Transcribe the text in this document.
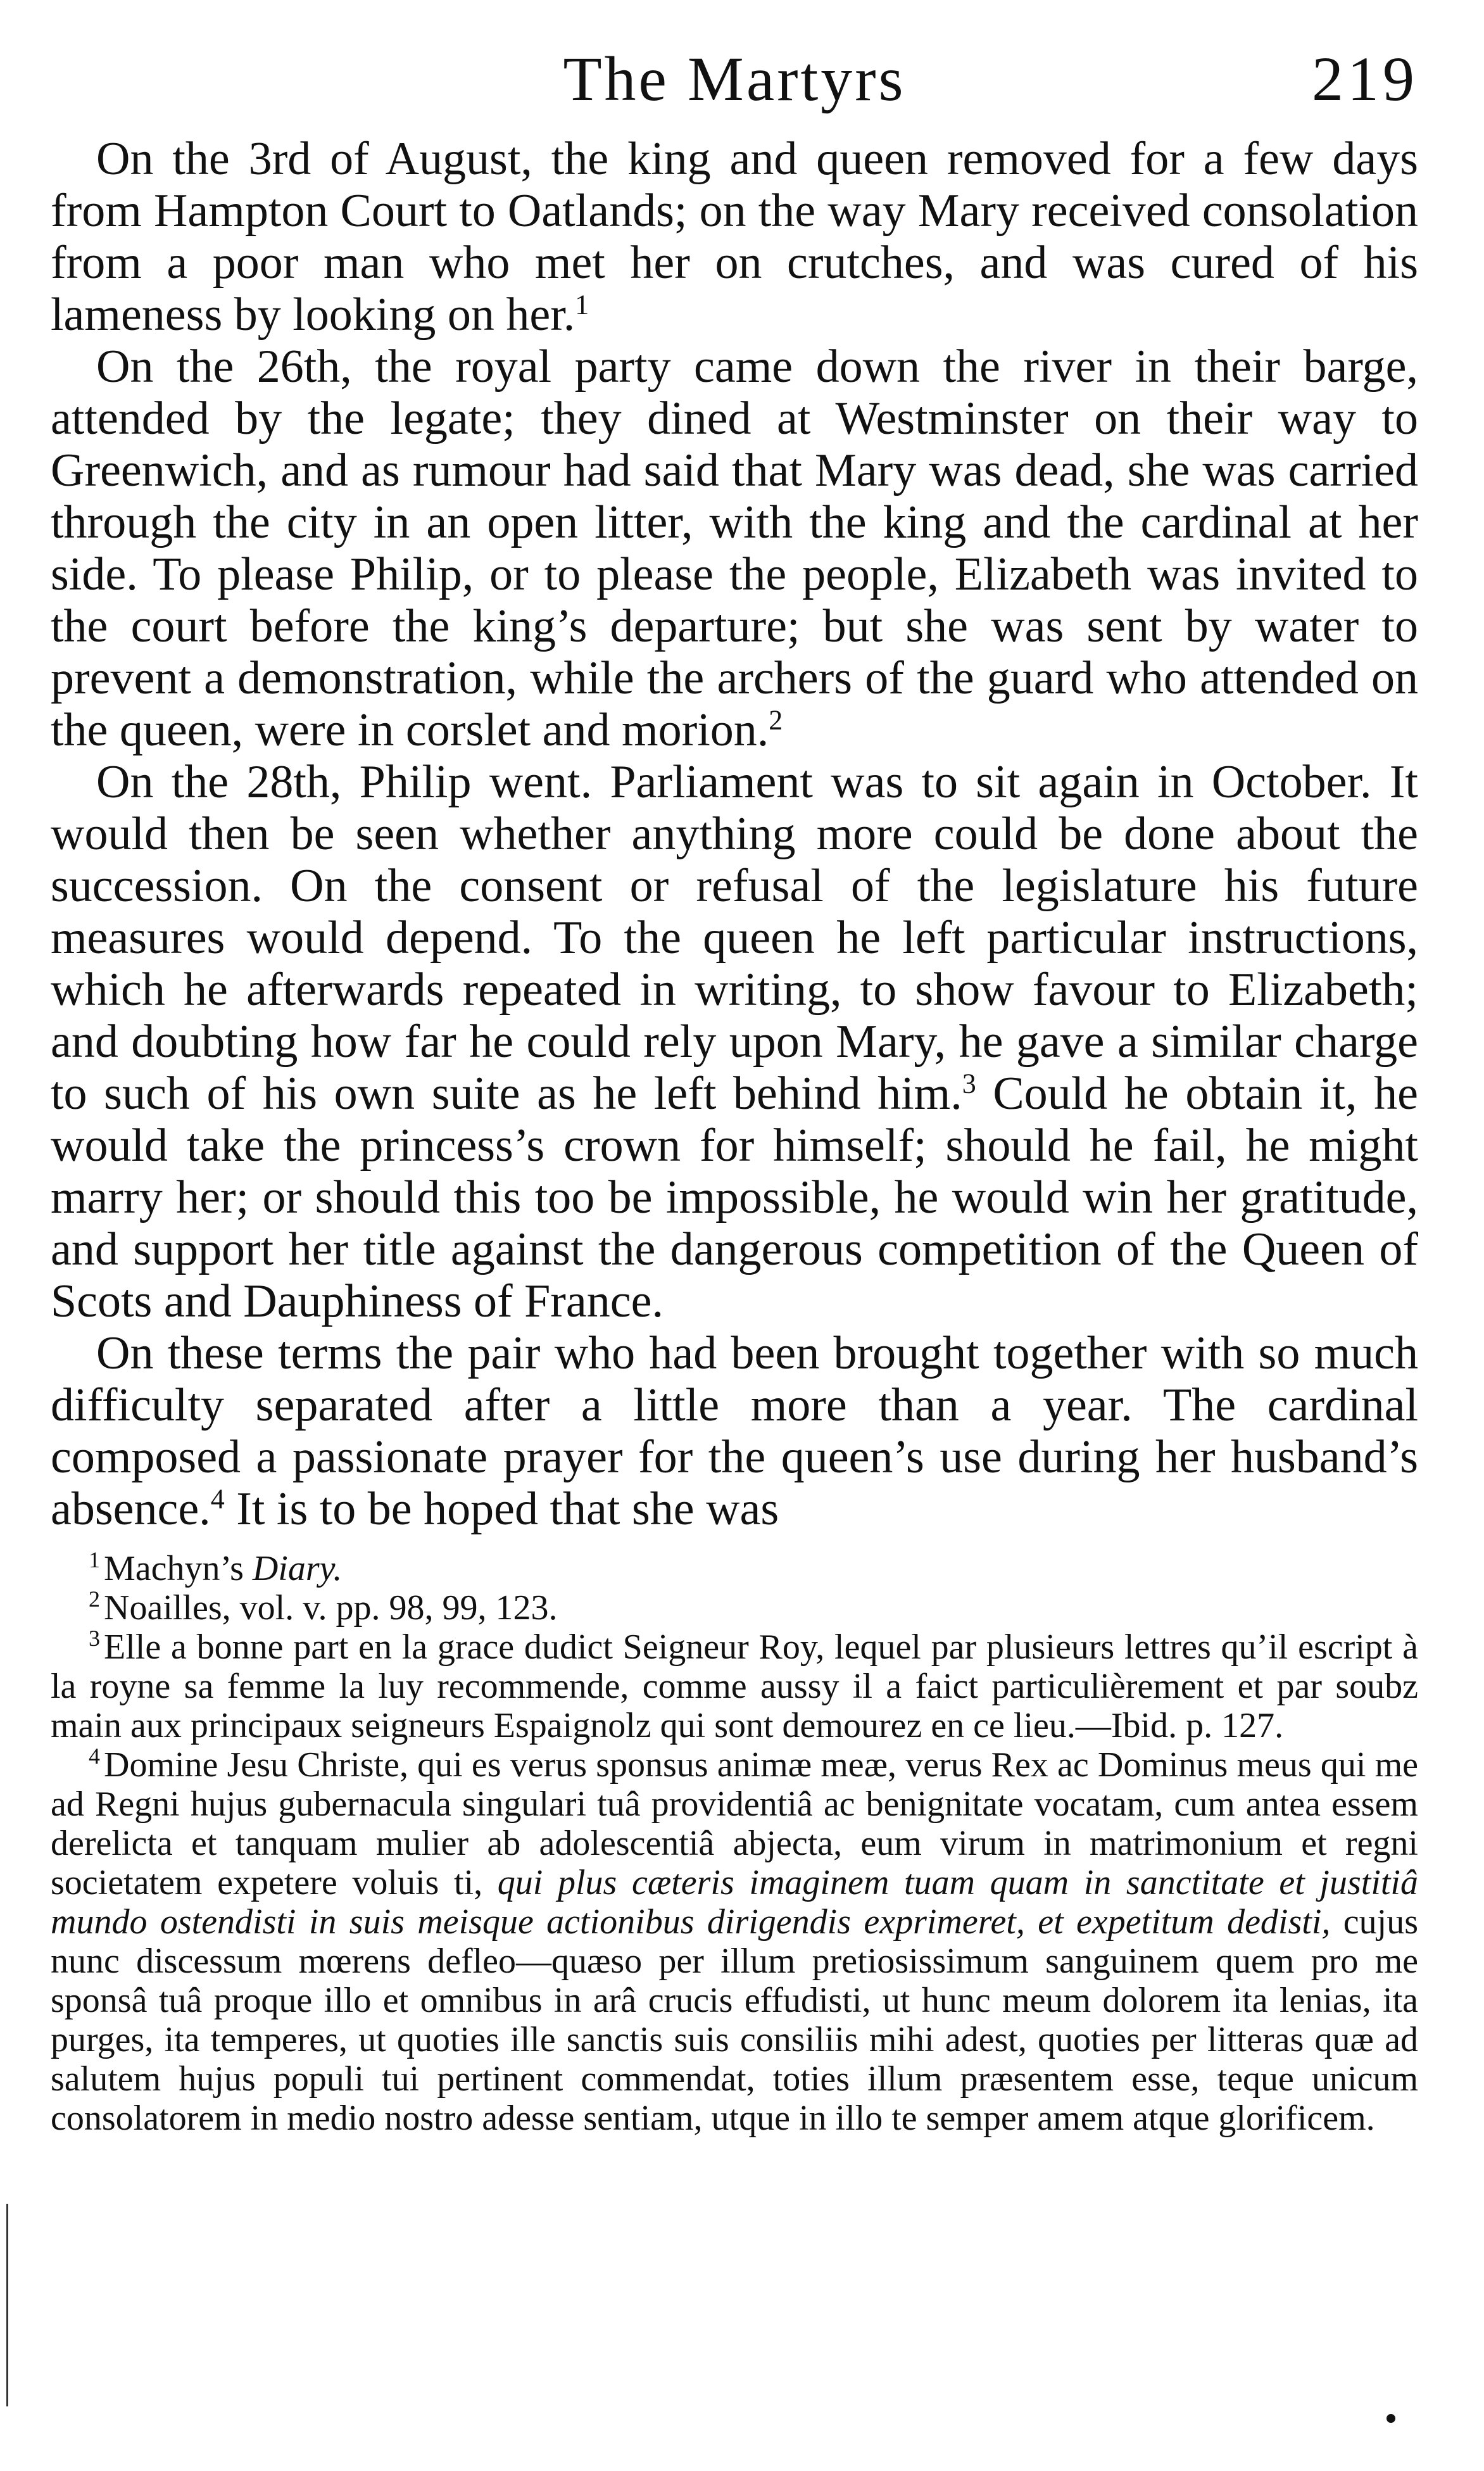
The Martyrs	219

On the 3rd of August, the king and queen removed for a few days from Hampton Court to Oatlands; on the way Mary received consolation from a poor man who met her on crutches, and was cured of his lameness by looking on her.$^1$

On the 26th, the royal party came down the river in their barge, attended by the legate; they dined at Westminster on their way to Greenwich, and as rumour had said that Mary was dead, she was carried through the city in an open litter, with the king and the cardinal at her side. To please Philip, or to please the people, Elizabeth was invited to the court before the king’s departure; but she was sent by water to prevent a demonstration, while the archers of the guard who attended on the queen, were in corslet and morion.$^2$

On the 28th, Philip went. Parliament was to sit again in October. It would then be seen whether anything more could be done about the succession. On the consent or refusal of the legislature his future measures would depend. To the queen he left particular instructions, which he afterwards repeated in writing, to show favour to Elizabeth; and doubting how far he could rely upon Mary, he gave a similar charge to such of his own suite as he left behind him.$^3$ Could he obtain it, he would take the princess’s crown for himself; should he fail, he might marry her; or should this too be impossible, he would win her gratitude, and support her title against the dangerous competition of the Queen of Scots and Dauphiness of France.

On these terms the pair who had been brought together with so much difficulty separated after a little more than a year. The cardinal composed a passionate prayer for the queen’s use during her husband’s absence.$^4$ It is to be hoped that she was

$^1$ Machyn’s Diary.

$^2$ Noailles, vol. v. pp. 98, 99, 123.

$^3$ Elle a bonne part en la grace dudict Seigneur Roy, lequel par plusieurs lettres qu’il escript à la royne sa femme la luy recommende, comme aussy il a faict particulièrement et par soubz main aux principaux seigneurs Espaignolz qui sont demourez en ce lieu.—Ibid. p. 127.

$^4$ Domine Jesu Christe, qui es verus sponsus animæ meæ, verus Rex ac Dominus meus qui me ad Regni hujus gubernacula singulari tuâ providentiâ ac benignitate vocatam, cum antea essem derelicta et tanquam mulier ab adolescentiâ abjecta, eum virum in matrimonium et regni societatem expetere voluis ti, qui plus cæteris imaginem tuam quam in sanctitate et justitiâ mundo ostendisti in suis meisque actionibus dirigendis exprimeret, et expetitum dedisti, cujus nunc discessum mœrens defleo—quæso per illum pretiosissimum sanguinem quem pro me sponsâ tuâ proque illo et omnibus in arâ crucis effudisti, ut hunc meum dolorem ita lenias, ita purges, ita temperes, ut quoties ille sanctis suis consiliis mihi adest, quoties per litteras quæ ad salutem hujus populi tui pertinent commendat, toties illum præsentem esse, teque unicum consolatorem in medio nostro adesse sentiam, utque in illo te semper amem atque glorificem.
